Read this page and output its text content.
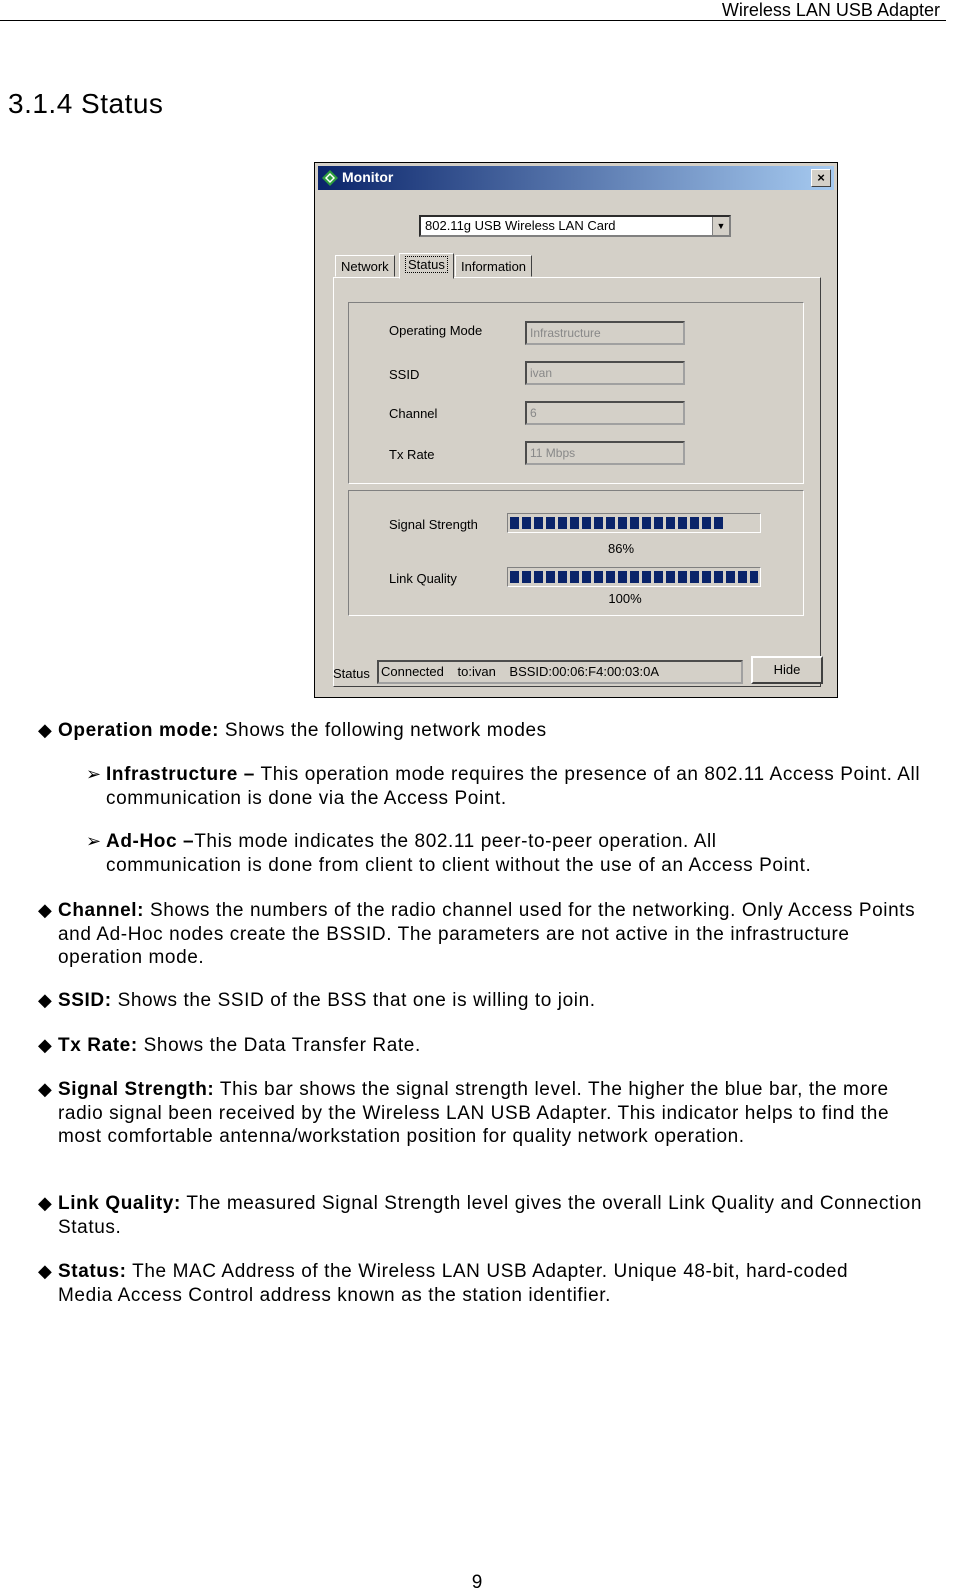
Wireless LAN USB Adapter
3.1.4 Status
Monitor	×
802.11g USB Wireless LAN Card	▼
Network	Status	Information
Operating Mode	Infrastructure
SSID	ivan
Channel	6
Tx Rate	11 Mbps
Signal Strength
86%
Link Quality
100%
Status Connected to:ivan BSSID:00:06:F4:00:03:0A	Hide
◆ Operation mode: Shows the following network modes
➢ Infrastructure – This operation mode requires the presence of an 802.11 Access Point. All communication is done via the Access Point.
➢ Ad-Hoc –This mode indicates the 802.11 peer-to-peer operation. All communication is done from client to client without the use of an Access Point.
◆ Channel: Shows the numbers of the radio channel used for the networking. Only Access Points and Ad-Hoc nodes create the BSSID. The parameters are not active in the infrastructure operation mode.
◆ SSID: Shows the SSID of the BSS that one is willing to join.
◆ Tx Rate: Shows the Data Transfer Rate.
◆ Signal Strength: This bar shows the signal strength level. The higher the blue bar, the more radio signal been received by the Wireless LAN USB Adapter. This indicator helps to find the most comfortable antenna/workstation position for quality network operation.
◆ Link Quality: The measured Signal Strength level gives the overall Link Quality and Connection Status.
◆ Status: The MAC Address of the Wireless LAN USB Adapter. Unique 48-bit, hard-coded Media Access Control address known as the station identifier.
9
